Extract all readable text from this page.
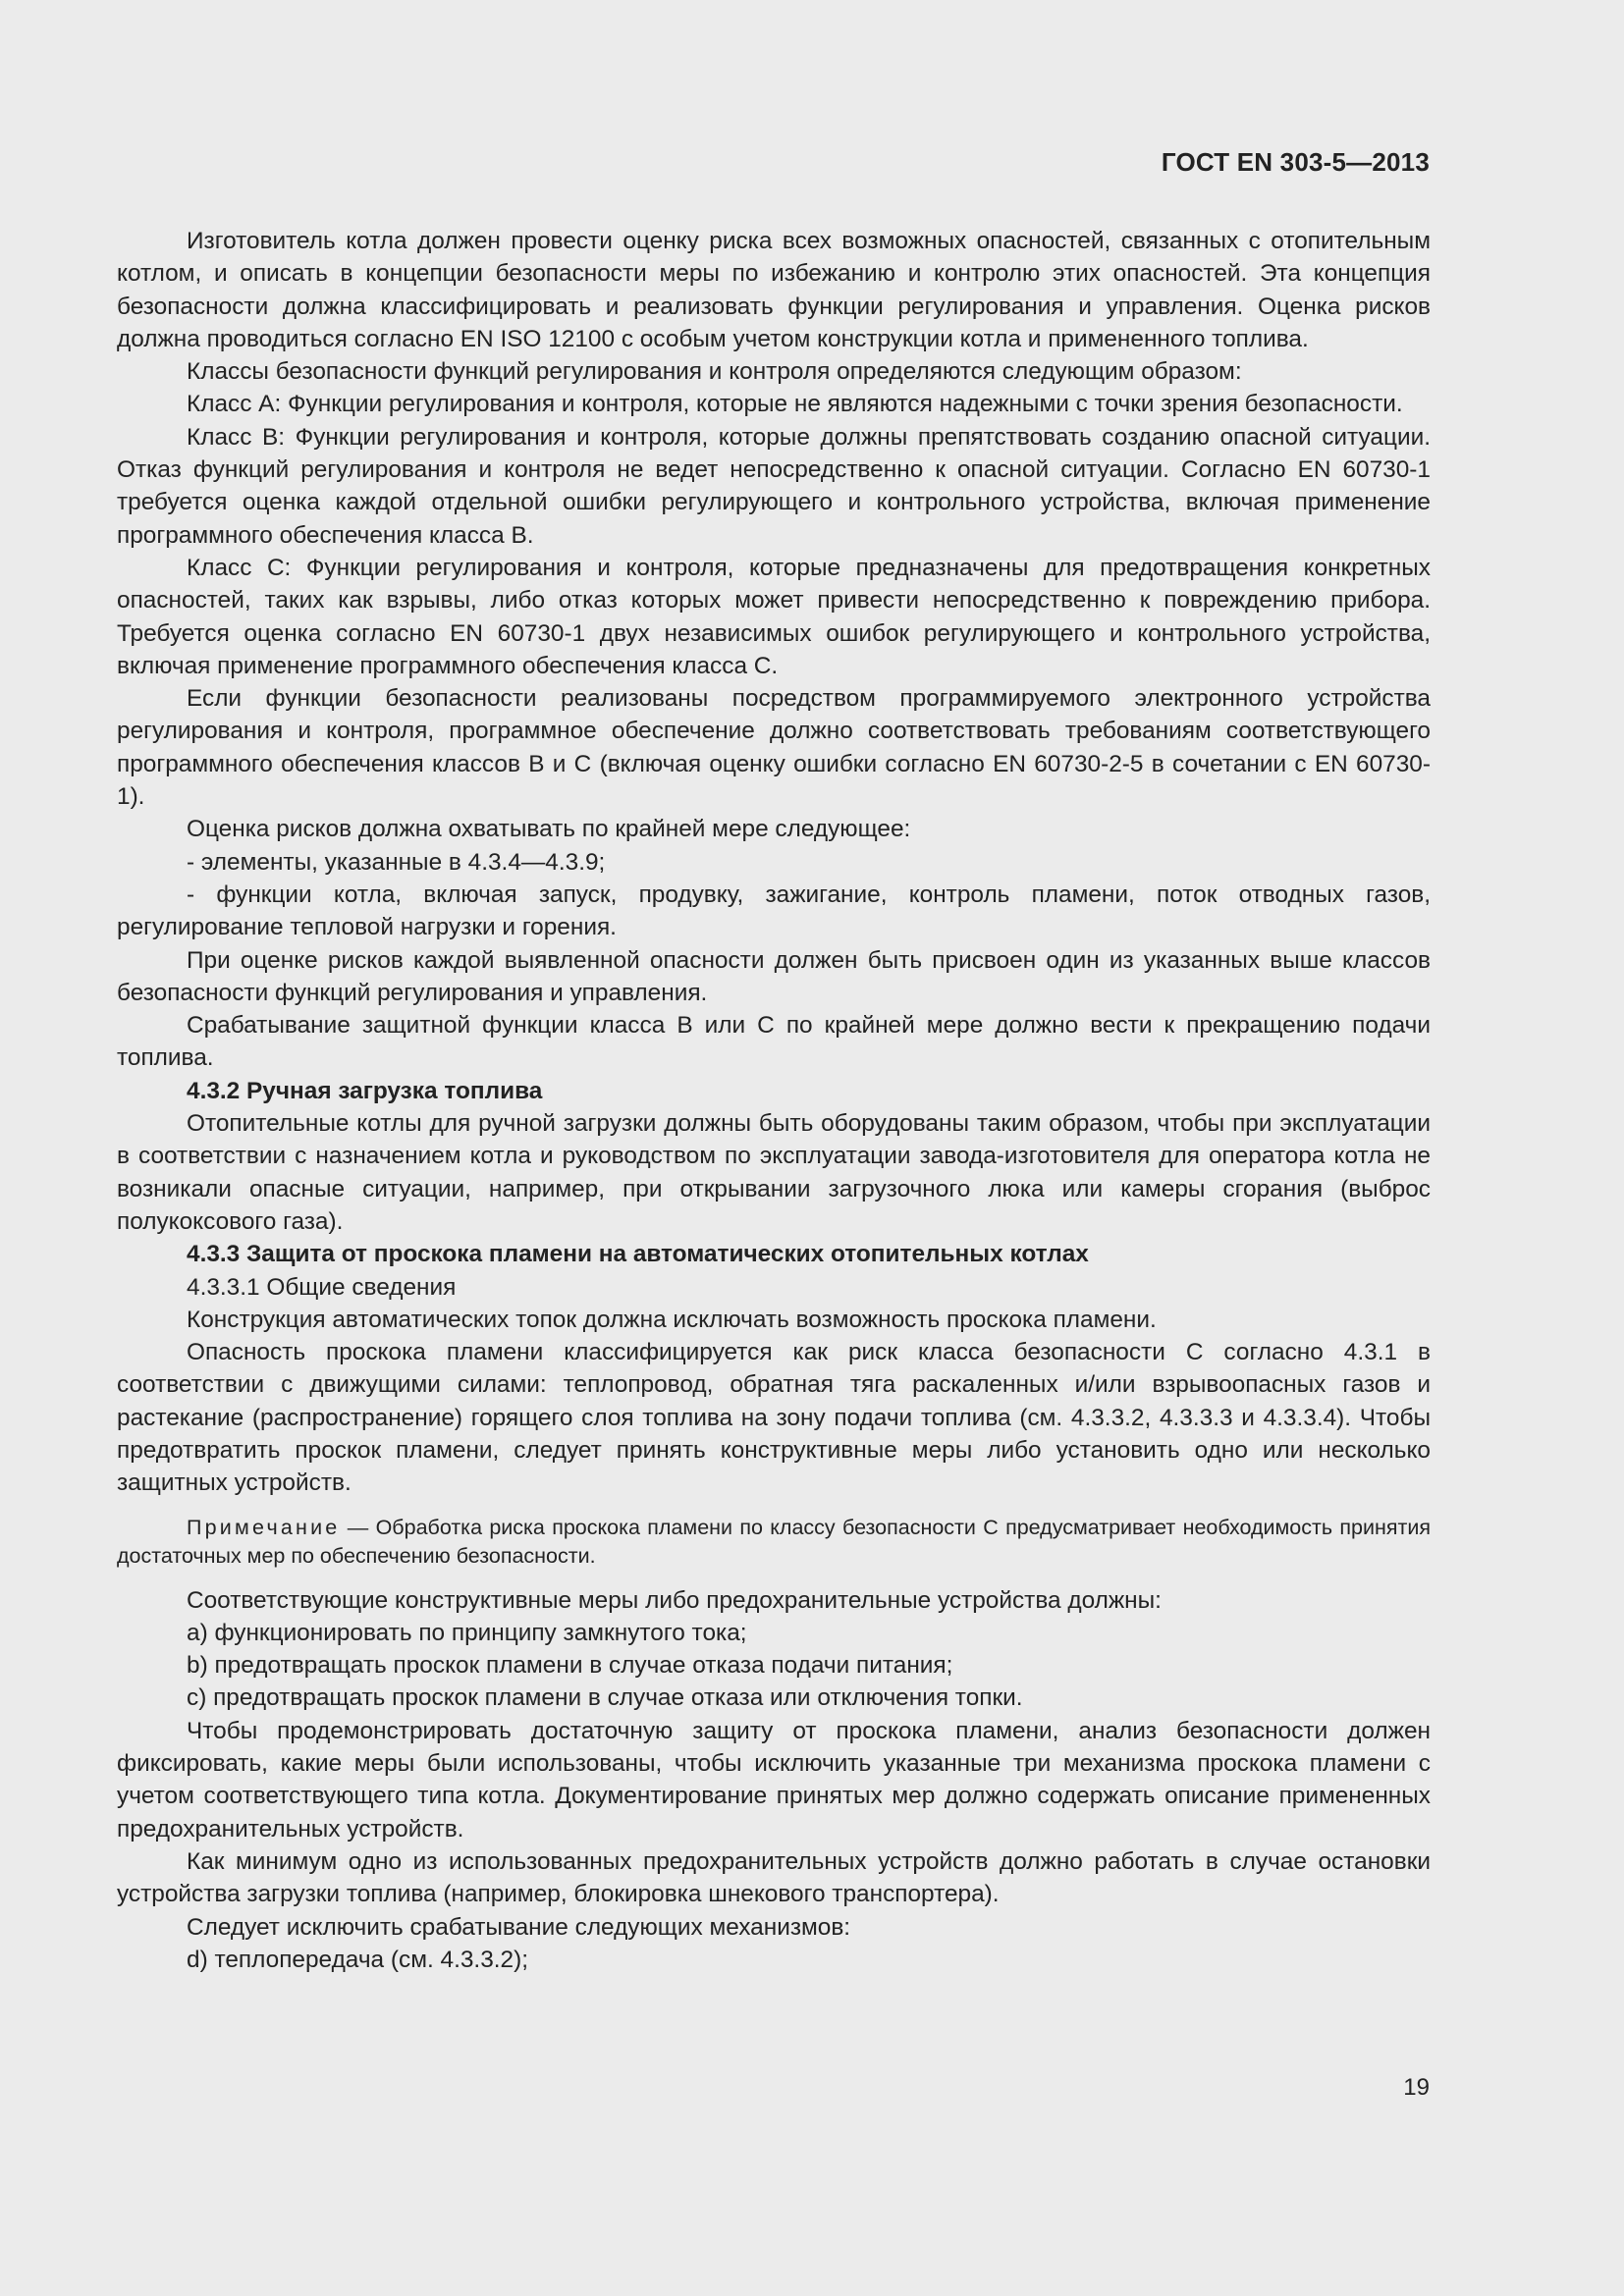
ГОСТ EN 303-5—2013

Изготовитель котла должен провести оценку риска всех возможных опасностей, связанных с отопительным котлом, и описать в концепции безопасности меры по избежанию и контролю этих опасностей. Эта концепция безопасности должна классифицировать и реализовать функции регулирования и управления. Оценка рисков должна проводиться согласно EN ISO 12100 с особым учетом конструкции котла и примененного топлива.

Классы безопасности функций регулирования и контроля определяются следующим образом:

Класс А: Функции регулирования и контроля, которые не являются надежными с точки зрения безопасности.

Класс В: Функции регулирования и контроля, которые должны препятствовать созданию опасной ситуации. Отказ функций регулирования и контроля не ведет непосредственно к опасной ситуации. Согласно EN 60730-1 требуется оценка каждой отдельной ошибки регулирующего и контрольного устройства, включая применение программного обеспечения класса В.

Класс С: Функции регулирования и контроля, которые предназначены для предотвращения конкретных опасностей, таких как взрывы, либо отказ которых может привести непосредственно к повреждению прибора. Требуется оценка согласно EN 60730-1 двух независимых ошибок регулирующего и контрольного устройства, включая применение программного обеспечения класса С.

Если функции безопасности реализованы посредством программируемого электронного устройства регулирования и контроля, программное обеспечение должно соответствовать требованиям соответствующего программного обеспечения классов В и С (включая оценку ошибки согласно EN 60730-2-5 в сочетании с EN 60730-1).

Оценка рисков должна охватывать по крайней мере следующее:

- элементы, указанные в 4.3.4—4.3.9;

- функции котла, включая запуск, продувку, зажигание, контроль пламени, поток отводных газов, регулирование тепловой нагрузки и горения.

При оценке рисков каждой выявленной опасности должен быть присвоен один из указанных выше классов безопасности функций регулирования и управления.

Срабатывание защитной функции класса В или С по крайней мере должно вести к прекращению подачи топлива.

4.3.2 Ручная загрузка топлива

Отопительные котлы для ручной загрузки должны быть оборудованы таким образом, чтобы при эксплуатации в соответствии с назначением котла и руководством по эксплуатации завода-изготовителя для оператора котла не возникали опасные ситуации, например, при открывании загрузочного люка или камеры сгорания (выброс полукоксового газа).

4.3.3 Защита от проскока пламени на автоматических отопительных котлах

4.3.3.1 Общие сведения

Конструкция автоматических топок должна исключать возможность проскока пламени.

Опасность проскока пламени классифицируется как риск класса безопасности С согласно 4.3.1 в соответствии с движущими силами: теплопровод, обратная тяга раскаленных и/или взрывоопасных газов и растекание (распространение) горящего слоя топлива на зону подачи топлива (см. 4.3.3.2, 4.3.3.3 и 4.3.3.4). Чтобы предотвратить проскок пламени, следует принять конструктивные меры либо установить одно или несколько защитных устройств.

Примечание — Обработка риска проскока пламени по классу безопасности С предусматривает необходимость принятия достаточных мер по обеспечению безопасности.

Соответствующие конструктивные меры либо предохранительные устройства должны:

a) функционировать по принципу замкнутого тока;

b) предотвращать проскок пламени в случае отказа подачи питания;

c) предотвращать проскок пламени в случае отказа или отключения топки.

Чтобы продемонстрировать достаточную защиту от проскока пламени, анализ безопасности должен фиксировать, какие меры были использованы, чтобы исключить указанные три механизма проскока пламени с учетом соответствующего типа котла. Документирование принятых мер должно содержать описание примененных предохранительных устройств.

Как минимум одно из использованных предохранительных устройств должно работать в случае остановки устройства загрузки топлива (например, блокировка шнекового транспортера).

Следует исключить срабатывание следующих механизмов:

d) теплопередача (см. 4.3.3.2);

19
